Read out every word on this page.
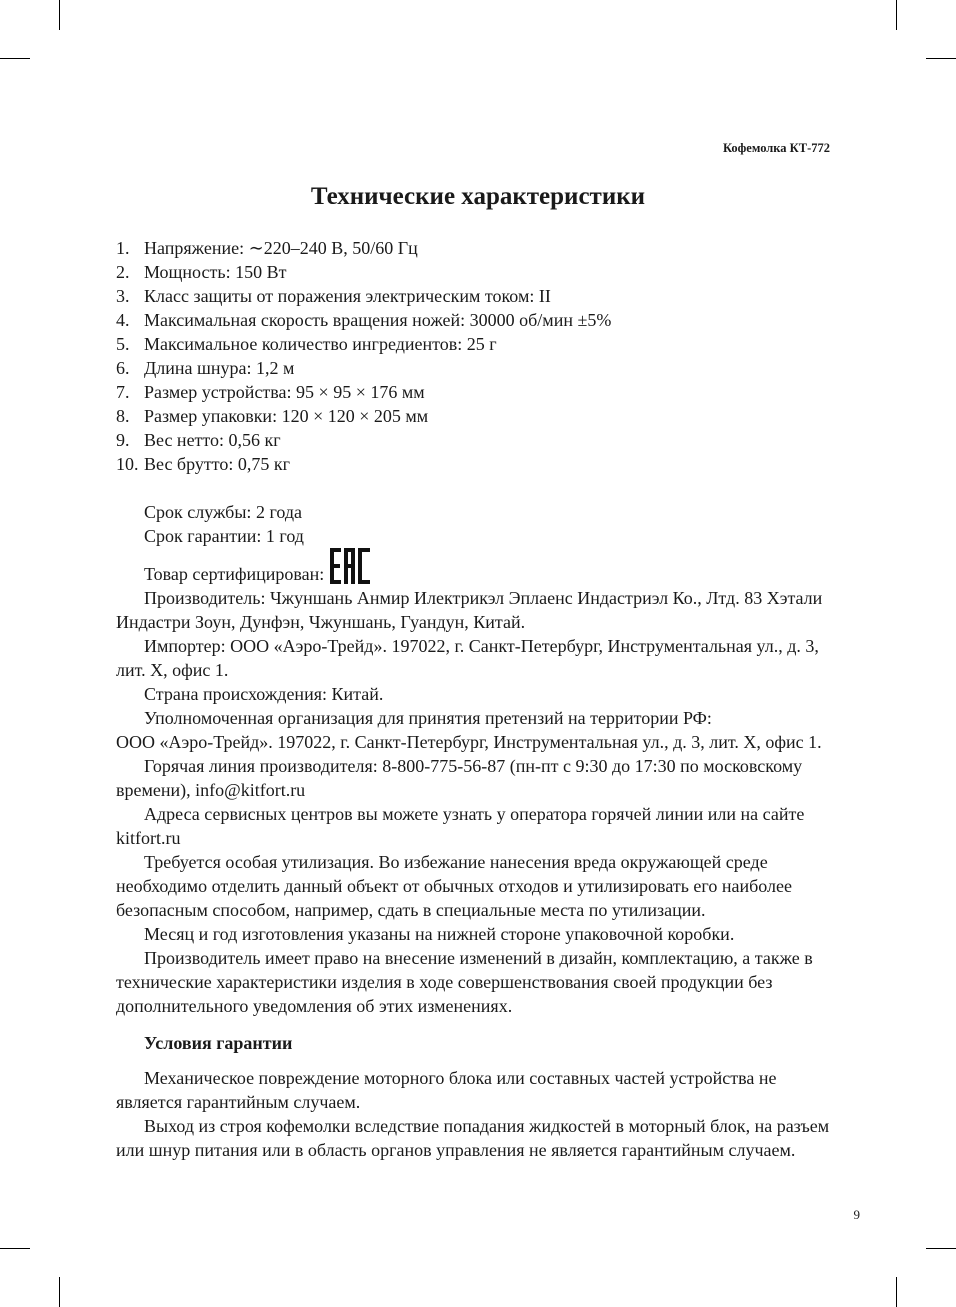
Кофемолка КТ-772
Технические характеристики
1. Напряжение: ∼220–240 В, 50/60 Гц
2. Мощность: 150 Вт
3. Класс защиты от поражения электрическим током: II
4. Максимальная скорость вращения ножей: 30000 об/мин ±5%
5. Максимальное количество ингредиентов: 25 г
6. Длина шнура: 1,2 м
7. Размер устройства: 95 × 95 × 176 мм
8. Размер упаковки: 120 × 120 × 205 мм
9. Вес нетто: 0,56 кг
10. Вес брутто: 0,75 кг

Срок службы: 2 года

Срок гарантии: 1 год

Товар сертифицирован:

Производитель: Чжуншань Анмир Илектрикэл Эплаенс Индастриэл Ко., Лтд. 83 Хэтали Индастри Зоун, Дунфэн, Чжуншань, Гуандун, Китай.

Импортер: ООО «Аэро-Трейд». 197022, г. Санкт-Петербург, Инструментальная ул., д. 3, лит. Х, офис 1.

Страна происхождения: Китай.

Уполномоченная организация для принятия претензий на территории РФ:

ООО «Аэро-Трейд». 197022, г. Санкт-Петербург, Инструментальная ул., д. 3, лит. Х, офис 1.

Горячая линия производителя: 8-800-775-56-87 (пн-пт с 9:30 до 17:30 по московскому времени), info@kitfort.ru

Адреса сервисных центров вы можете узнать у оператора горячей линии или на сайте kitfort.ru

Требуется особая утилизация. Во избежание нанесения вреда окружающей среде необходимо отделить данный объект от обычных отходов и утилизировать его наиболее безопасным способом, например, сдать в специальные места по утилизации.

Месяц и год изготовления указаны на нижней стороне упаковочной коробки.

Производитель имеет право на внесение изменений в дизайн, комплектацию, а также в технические характеристики изделия в ходе совершенствования своей продукции без дополнительного уведомления об этих изменениях.

Условия гарантии

Механическое повреждение моторного блока или составных частей устройства не является гарантийным случаем.

Выход из строя кофемолки вследствие попадания жидкостей в моторный блок, на разъем или шнур питания или в область органов управления не является гарантийным случаем.

9
